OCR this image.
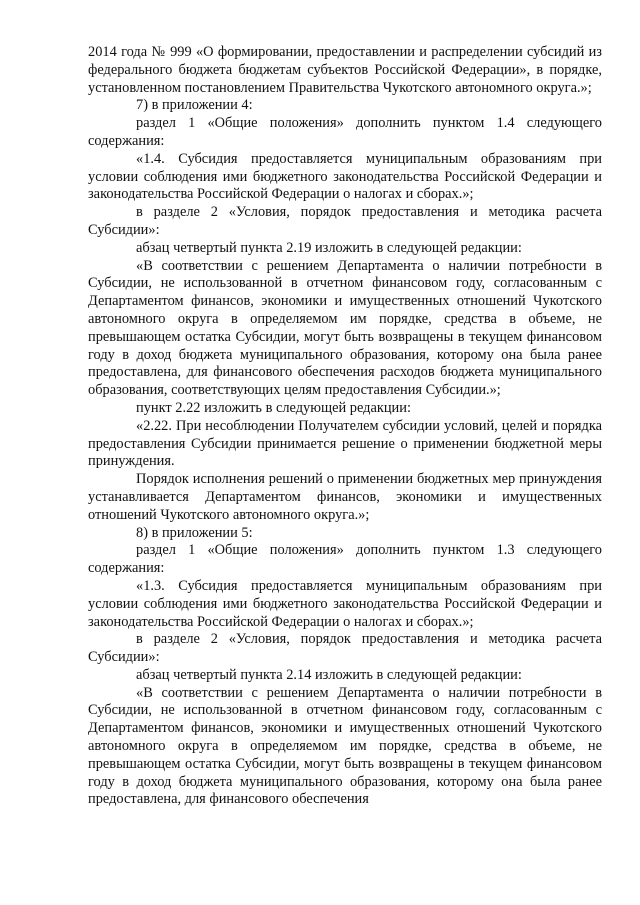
2014 года № 999 «О формировании, предоставлении и распределении субсидий из федерального бюджета бюджетам субъектов Российской Федерации», в порядке, установленном постановлением Правительства Чукотского автономного округа.»;

7) в приложении 4:

раздел 1 «Общие положения» дополнить пунктом 1.4 следующего содержания:

«1.4. Субсидия предоставляется муниципальным образованиям при условии соблюдения ими бюджетного законодательства Российской Федерации и законодательства Российской Федерации о налогах и сборах.»;

в разделе 2 «Условия, порядок предоставления и методика расчета Субсидии»:

абзац четвертый пункта 2.19 изложить в следующей редакции:

«В соответствии с решением Департамента о наличии потребности в Субсидии, не использованной в отчетном финансовом году, согласованным с Департаментом финансов, экономики и имущественных отношений Чукотского автономного округа в определяемом им порядке, средства в объеме, не превышающем остатка Субсидии, могут быть возвращены в текущем финансовом году в доход бюджета муниципального образования, которому она была ранее предоставлена, для финансового обеспечения расходов бюджета муниципального образования, соответствующих целям предоставления Субсидии.»;

пункт 2.22 изложить в следующей редакции:

«2.22. При несоблюдении Получателем субсидии условий, целей и порядка предоставления Субсидии принимается решение о применении бюджетной меры принуждения.

Порядок исполнения решений о применении бюджетных мер принуждения устанавливается Департаментом финансов, экономики и имущественных отношений Чукотского автономного округа.»;

8) в приложении 5:

раздел 1 «Общие положения» дополнить пунктом 1.3 следующего содержания:

«1.3. Субсидия предоставляется муниципальным образованиям при условии соблюдения ими бюджетного законодательства Российской Федерации и законодательства Российской Федерации о налогах и сборах.»;

в разделе 2 «Условия, порядок предоставления и методика расчета Субсидии»:

абзац четвертый пункта 2.14 изложить в следующей редакции:

«В соответствии с решением Департамента о наличии потребности в Субсидии, не использованной в отчетном финансовом году, согласованным с Департаментом финансов, экономики и имущественных отношений Чукотского автономного округа в определяемом им порядке, средства в объеме, не превышающем остатка Субсидии, могут быть возвращены в текущем финансовом году в доход бюджета муниципального образования, которому она была ранее предоставлена, для финансового обеспечения
